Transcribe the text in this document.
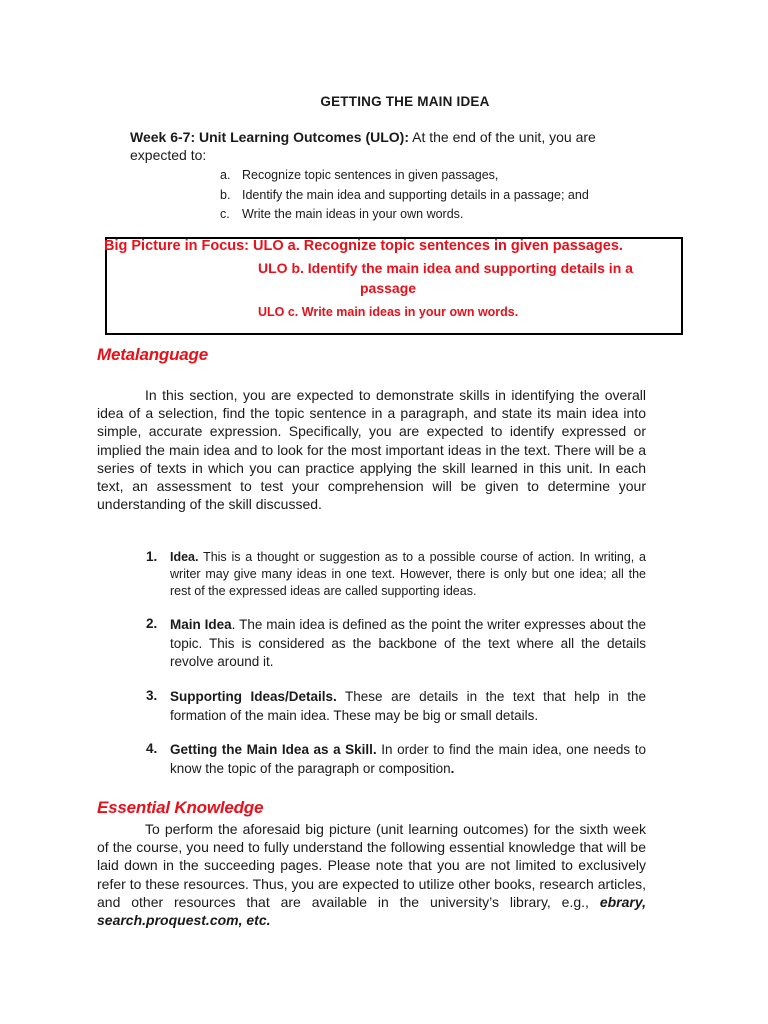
GETTING THE MAIN IDEA
Week 6-7: Unit Learning Outcomes (ULO): At the end of the unit, you are expected to:
a. Recognize topic sentences in given passages,
b. Identify the main idea and supporting details in a passage; and
c. Write the main ideas in your own words.
Big Picture in Focus: ULO a. Recognize topic sentences in given passages.
ULO b. Identify the main idea and supporting details in a
passage
ULO c. Write main ideas in your own words.
Metalanguage

In this section, you are expected to demonstrate skills in identifying the overall idea of a selection, find the topic sentence in a paragraph, and state its main idea into simple, accurate expression. Specifically, you are expected to identify expressed or implied the main idea and to look for the most important ideas in the text. There will be a series of texts in which you can practice applying the skill learned in this unit. In each text, an assessment to test your comprehension will be given to determine your understanding of the skill discussed.

1. Idea. This is a thought or suggestion as to a possible course of action. In writing, a writer may give many ideas in one text. However, there is only but one idea; all the rest of the expressed ideas are called supporting ideas.
2. Main Idea. The main idea is defined as the point the writer expresses about the topic. This is considered as the backbone of the text where all the details revolve around it.
3. Supporting Ideas/Details. These are details in the text that help in the formation of the main idea. These may be big or small details.
4. Getting the Main Idea as a Skill. In order to find the main idea, one needs to know the topic of the paragraph or composition.
Essential Knowledge

To perform the aforesaid big picture (unit learning outcomes) for the sixth week of the course, you need to fully understand the following essential knowledge that will be laid down in the succeeding pages. Please note that you are not limited to exclusively refer to these resources. Thus, you are expected to utilize other books, research articles, and other resources that are available in the university’s library, e.g., ebrary, search.proquest.com, etc.
